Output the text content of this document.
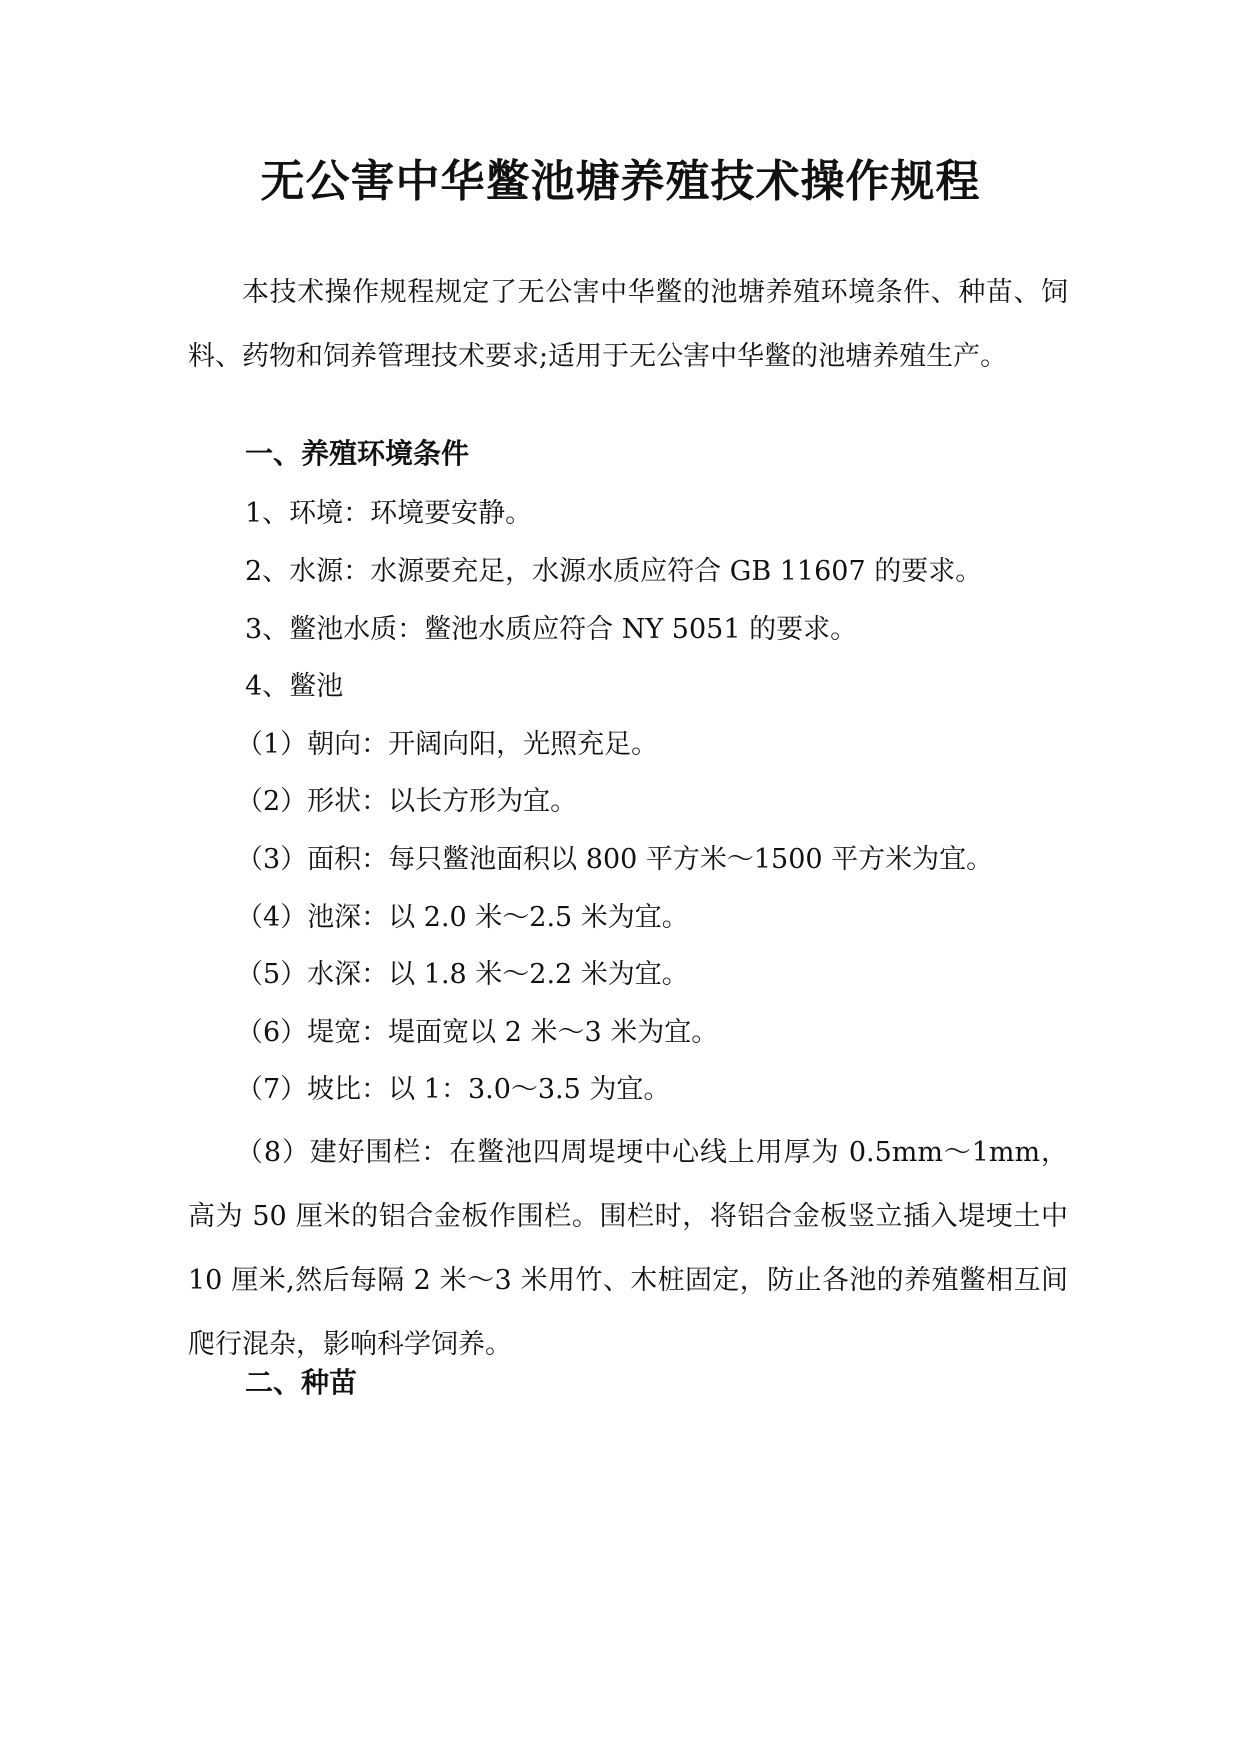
无公害中华鳖池塘养殖技术操作规程

本技术操作规程规定了无公害中华鳖的池塘养殖环境条件、种苗、饲料、药物和饲养管理技术要求;适用于无公害中华鳖的池塘养殖生产。

一、养殖环境条件
1、环境：环境要安静。
2、水源：水源要充足，水源水质应符合 GB 11607 的要求。
3、鳖池水质：鳖池水质应符合 NY 5051 的要求。
4、鳖池
（1）朝向：开阔向阳，光照充足。
（2）形状：以长方形为宜。
（3）面积：每只鳖池面积以 800 平方米～1500 平方米为宜。
（4）池深：以 2.0 米～2.5 米为宜。
（5）水深：以 1.8 米～2.2 米为宜。
（6）堤宽：堤面宽以 2 米～3 米为宜。
（7）坡比：以 1：3.0～3.5 为宜。

（8）建好围栏：在鳖池四周堤埂中心线上用厚为 0.5mm～1mm，高为 50 厘米的铝合金板作围栏。围栏时，将铝合金板竖立插入堤埂土中 10 厘米,然后每隔 2 米～3 米用竹、木桩固定，防止各池的养殖鳖相互间爬行混杂，影响科学饲养。

二、种苗
